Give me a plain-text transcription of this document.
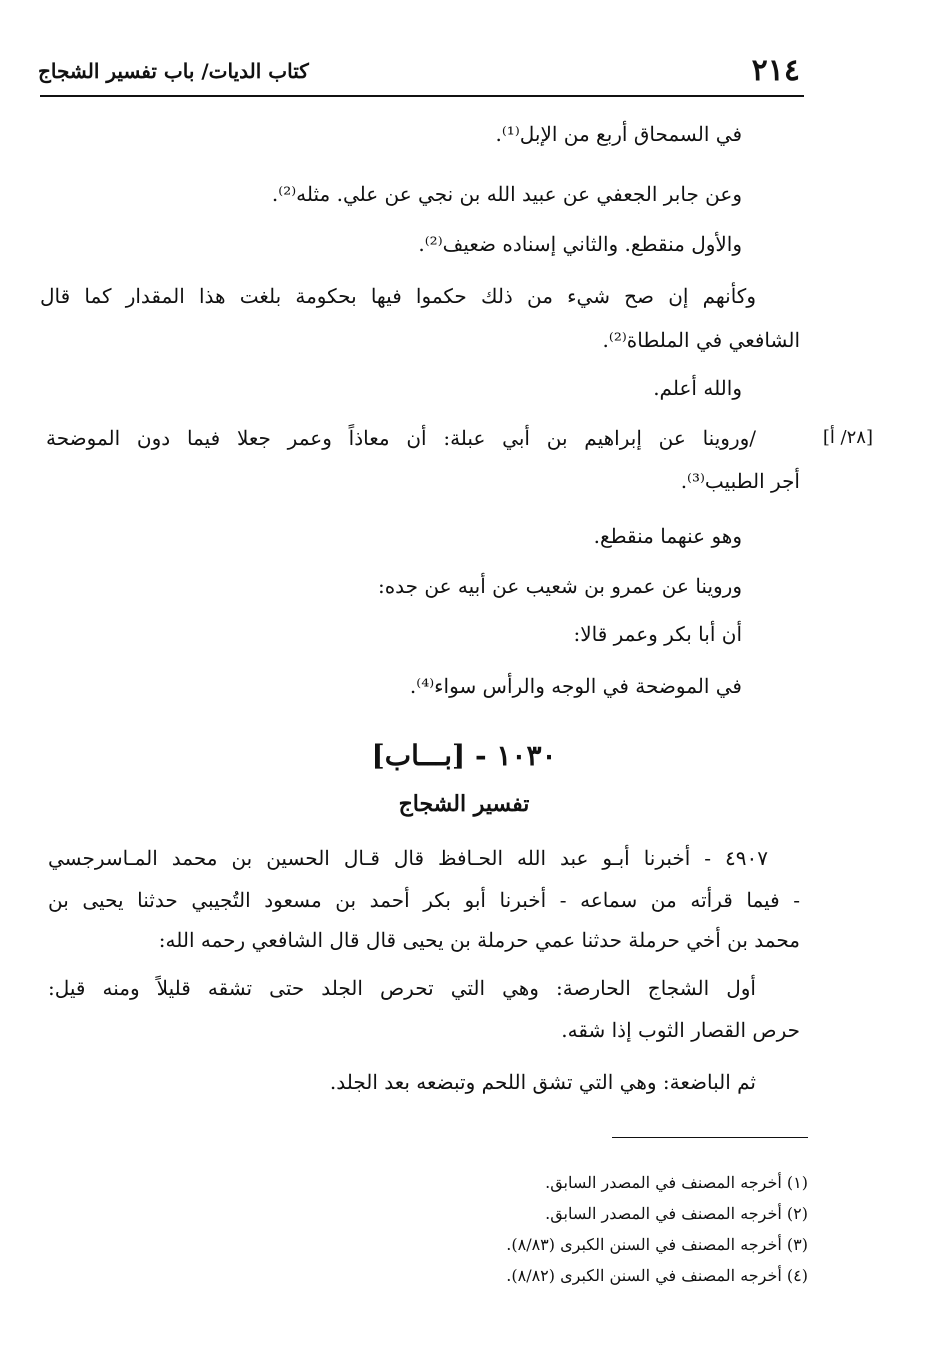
٢١٤
كتاب الديات/ باب تفسير الشجاج
في السمحاق أربع من الإبل⁽¹⁾.
وعن جابر الجعفي عن عبيد الله بن نجي عن علي. مثله⁽²⁾.
والأول منقطع. والثاني إسناده ضعيف⁽²⁾.
وكأنهم إن صح شيء من ذلك حكموا فيها بحكومة بلغت هذا المقدار كما قال
الشافعي في الملطاة⁽²⁾.
والله أعلم.
[٢٨/ أ]
/وروينا عن إبراهيم بن أبي عبلة: أن معاذاً وعمر جعلا فيما دون الموضحة
أجر الطبيب⁽³⁾.
وهو عنهما منقطع.
وروينا عن عمرو بن شعيب عن أبيه عن جده:
أن أبا بكر وعمر قالا:
في الموضحة في الوجه والرأس سواء⁽⁴⁾.
١٠٣٠ - [بـــاب]
تفسير الشجاج
٤٩٠٧ - أخبرنا أبـو عبد الله الحـافظ قال قـال الحسين بن محمد المـاسرجسي
- فيما قرأته من سماعه - أخبرنا أبو بكر أحمد بن مسعود التُجيبي حدثنا يحيى بن
محمد بن أخي حرملة حدثنا عمي حرملة بن يحيى قال قال الشافعي رحمه الله:
أول الشجاج الحارصة: وهي التي تحرص الجلد حتى تشقه قليلاً ومنه قيل:
حرص القصار الثوب إذا شقه.
ثم الباضعة: وهي التي تشق اللحم وتبضعه بعد الجلد.
(١) أخرجه المصنف في المصدر السابق.
(٢) أخرجه المصنف في المصدر السابق.
(٣) أخرجه المصنف في السنن الكبرى (٨/٨٣).
(٤) أخرجه المصنف في السنن الكبرى (٨/٨٢).
